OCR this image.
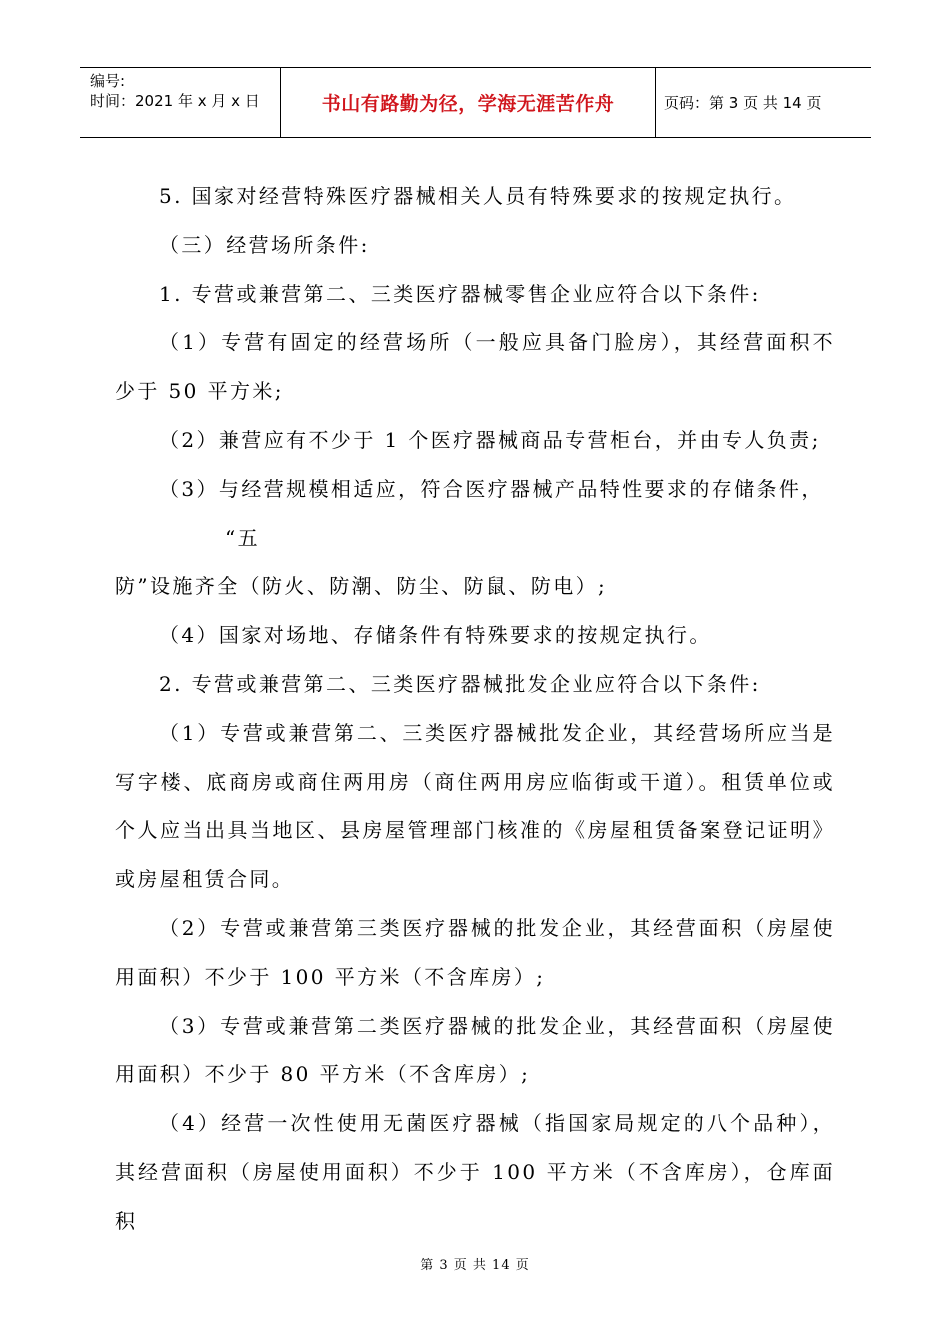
编号:
时间：2021 年 x 月 x 日	书山有路勤为径，学海无涯苦作舟	页码：第 3 页 共 14 页

5. 国家对经营特殊医疗器械相关人员有特殊要求的按规定执行。

（三）经营场所条件:

1. 专营或兼营第二、三类医疗器械零售企业应符合以下条件:

（1）专营有固定的经营场所（一般应具备门脸房），其经营面积不少于 50 平方米;

（2）兼营应有不少于 1 个医疗器械商品专营柜台，并由专人负责;

（3）与经营规模相适应，符合医疗器械产品特性要求的存储条件，

“五

防”设施齐全（防火、防潮、防尘、防鼠、防电）;

（4）国家对场地、存储条件有特殊要求的按规定执行。

2. 专营或兼营第二、三类医疗器械批发企业应符合以下条件:

（1）专营或兼营第二、三类医疗器械批发企业，其经营场所应当是写字楼、底商房或商住两用房（商住两用房应临街或干道）。租赁单位或个人应当出具当地区、县房屋管理部门核准的《房屋租赁备案登记证明》或房屋租赁合同。

（2）专营或兼营第三类医疗器械的批发企业，其经营面积（房屋使用面积）不少于 100 平方米（不含库房）;

（3）专营或兼营第二类医疗器械的批发企业，其经营面积（房屋使用面积）不少于 80 平方米（不含库房）;

（4）经营一次性使用无菌医疗器械（指国家局规定的八个品种），其经营面积（房屋使用面积）不少于 100 平方米（不含库房），仓库面积

第 3 页 共 14 页
